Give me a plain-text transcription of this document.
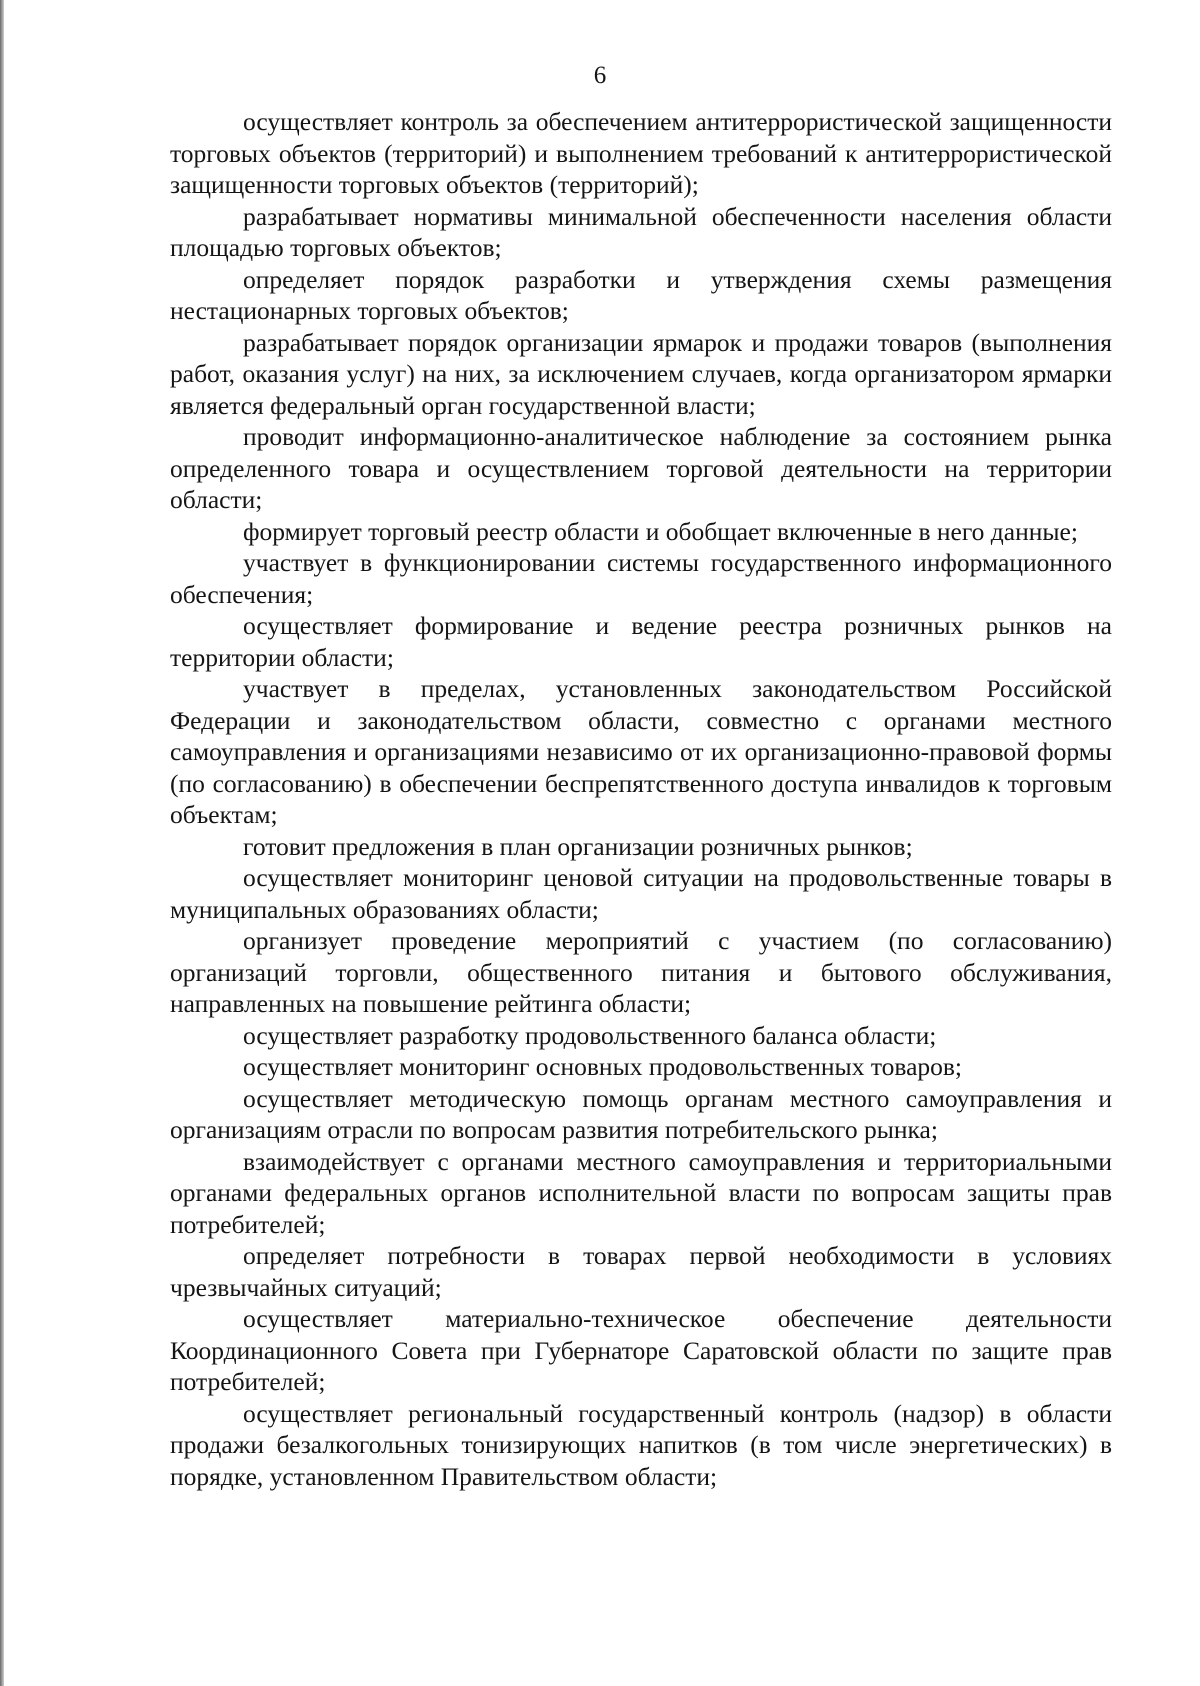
6

осуществляет контроль за обеспечением антитеррористической защищенности торговых объектов (территорий) и выполнением требований к антитеррористической защищенности торговых объектов (территорий);

разрабатывает нормативы минимальной обеспеченности населения области площадью торговых объектов;

определяет порядок разработки и утверждения схемы размещения нестационарных торговых объектов;

разрабатывает порядок организации ярмарок и продажи товаров (выполнения работ, оказания услуг) на них, за исключением случаев, когда организатором ярмарки является федеральный орган государственной власти;

проводит информационно-аналитическое наблюдение за состоянием рынка определенного товара и осуществлением торговой деятельности на территории области;

формирует торговый реестр области и обобщает включенные в него данные;

участвует в функционировании системы государственного информационного обеспечения;

осуществляет формирование и ведение реестра розничных рынков на территории области;

участвует в пределах, установленных законодательством Российской Федерации и законодательством области, совместно с органами местного самоуправления и организациями независимо от их организационно-правовой формы (по согласованию) в обеспечении беспрепятственного доступа инвалидов к торговым объектам;

готовит предложения в план организации розничных рынков;

осуществляет мониторинг ценовой ситуации на продовольственные товары в муниципальных образованиях области;

организует проведение мероприятий с участием (по согласованию) организаций торговли, общественного питания и бытового обслуживания, направленных на повышение рейтинга области;

осуществляет разработку продовольственного баланса области;

осуществляет мониторинг основных продовольственных товаров;

осуществляет методическую помощь органам местного самоуправления и организациям отрасли по вопросам развития потребительского рынка;

взаимодействует с органами местного самоуправления и территориальными органами федеральных органов исполнительной власти по вопросам защиты прав потребителей;

определяет потребности в товарах первой необходимости в условиях чрезвычайных ситуаций;

осуществляет материально-техническое обеспечение деятельности Координационного Совета при Губернаторе Саратовской области по защите прав потребителей;

осуществляет региональный государственный контроль (надзор) в области продажи безалкогольных тонизирующих напитков (в том числе энергетических) в порядке, установленном Правительством области;
